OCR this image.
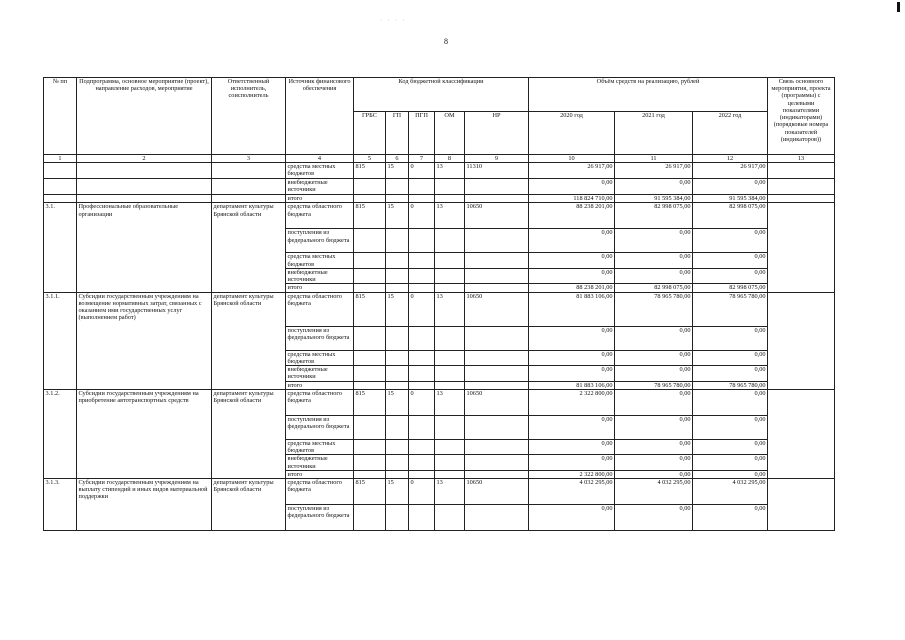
8
· · · ·
№ пп	Подпрограмма, основное мероприятие (проект), направление расходов, мероприятие	Ответственный исполнитель, соисполнитель	Источник финансового обеспечения	Код бюджетной классификации					Объём средств на реализацию, рублей			Связь основного мероприятия, проекта (программы) с целевыми показателями (индикаторами) (порядковые номера показателей (индикаторов))
				ГРБС	ГП	ПГП	ОМ	НР	2020 год	2021 год	2022 год	
1	2	3	4	5	6	7	8	9	10	11	12	13
			средства местных бюджетов	815	15	0	13	11310	26 917,00	26 917,00	26 917,00	
			внебюджетные источники						0,00	0,00	0,00	
			итого						118 824 710,00	91 595 384,00	91 595 384,00	
3.1.	Профессиональные образовательные организации	департамент культуры Брянской области	средства областного бюджета	815	15	0	13	10650	88 238 201,00	82 998 075,00	82 998 075,00	
			поступления из федерального бюджета						0,00	0,00	0,00	
			средства местных бюджетов						0,00	0,00	0,00	
			внебюджетные источники						0,00	0,00	0,00	
			итого						88 238 201,00	82 998 075,00	82 998 075,00	
3.1.1.	Субсидии государственным учреждениям на возмещение нормативных затрат, связанных с оказанием ими государственных услуг (выполнением работ)	департамент культуры Брянской области	средства областного бюджета	815	15	0	13	10650	81 883 106,00	78 965 780,00	78 965 780,00	
			поступления из федерального бюджета						0,00	0,00	0,00	
			средства местных бюджетов						0,00	0,00	0,00	
			внебюджетные источники						0,00	0,00	0,00	
			итого						81 883 106,00	78 965 780,00	78 965 780,00	
3.1.2.	Субсидии государственным учреждениям на приобретение автотранспортных средств	департамент культуры Брянской области	средства областного бюджета	815	15	0	13	10650	2 322 800,00	0,00	0,00	
			поступления из федерального бюджета						0,00	0,00	0,00	
			средства местных бюджетов						0,00	0,00	0,00	
			внебюджетные источники						0,00	0,00	0,00	
			итого						2 322 800,00	0,00	0,00	
3.1.3.	Субсидии государственным учреждениям на выплату стипендий и иных видов материальной поддержки	департамент культуры Брянской области	средства областного бюджета	815	15	0	13	10650	4 032 295,00	4 032 295,00	4 032 295,00	
			поступления из федерального бюджета						0,00	0,00	0,00	
